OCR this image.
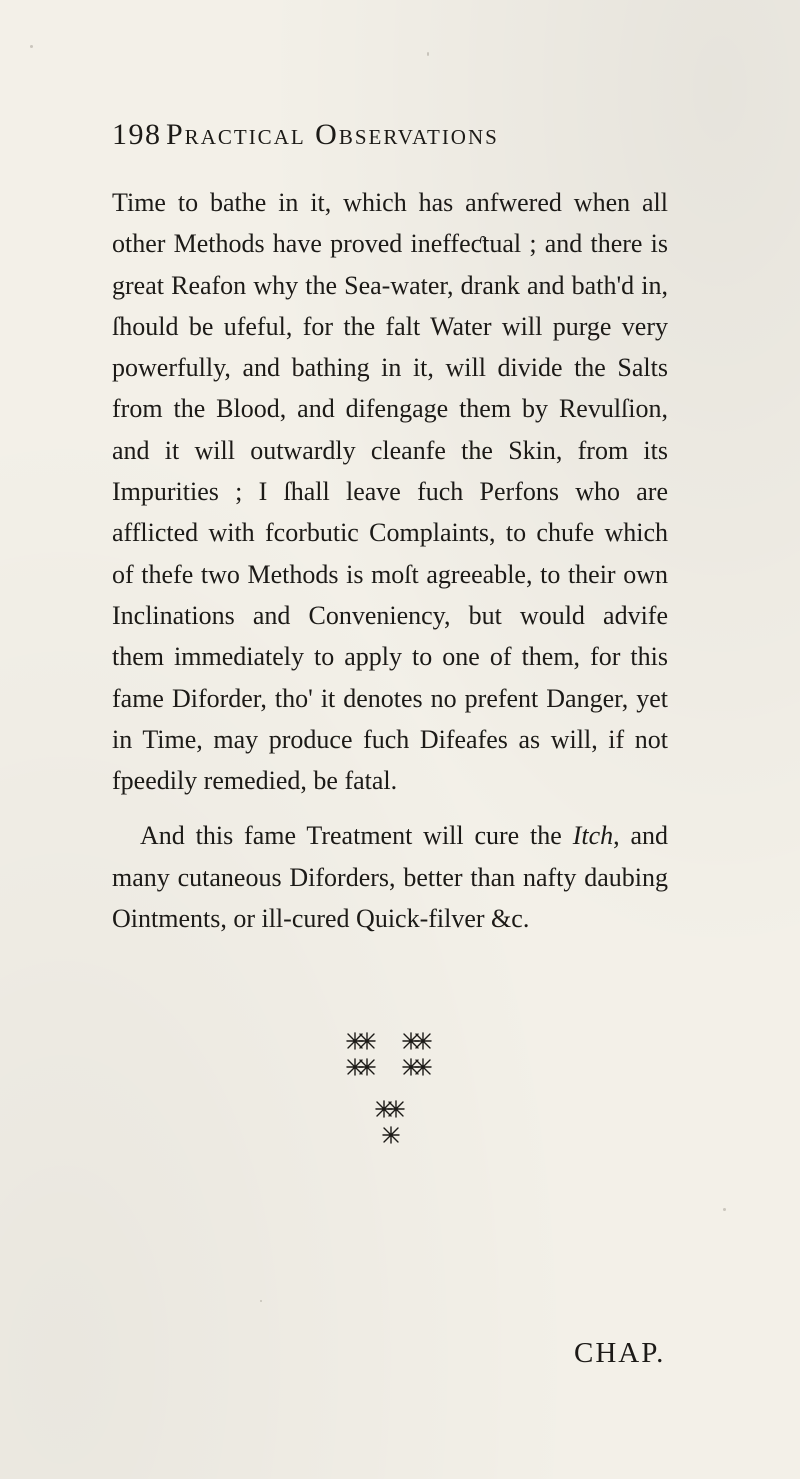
198 Practical Observations

Time to bathe in it, which has anfwered when all other Methods have proved ineffeƈtual ; and there is great Reafon why the Sea-water, drank and bath'd in, ſhould be ufeful, for the falt Water will purge very powerfully, and bathing in it, will divide the Salts from the Blood, and difengage them by Revulſion, and it will outwardly cleanfe the Skin, from its Impurities ; I ſhall leave fuch Perfons who are afflicted with fcorbutic Complaints, to chufe which of thefe two Methods is moſt agreeable, to their own Inclinations and Conveniency, but would advife them immediately to apply to one of them, for this fame Diforder, tho' it denotes no prefent Danger, yet in Time, may produce fuch Difeafes as will, if not fpeedily remedied, be fatal.

And this fame Treatment will cure the Itch, and many cutaneous Diforders, better than nafty daubing Ointments, or ill-cured Quick-filver &c.

CHAP.
